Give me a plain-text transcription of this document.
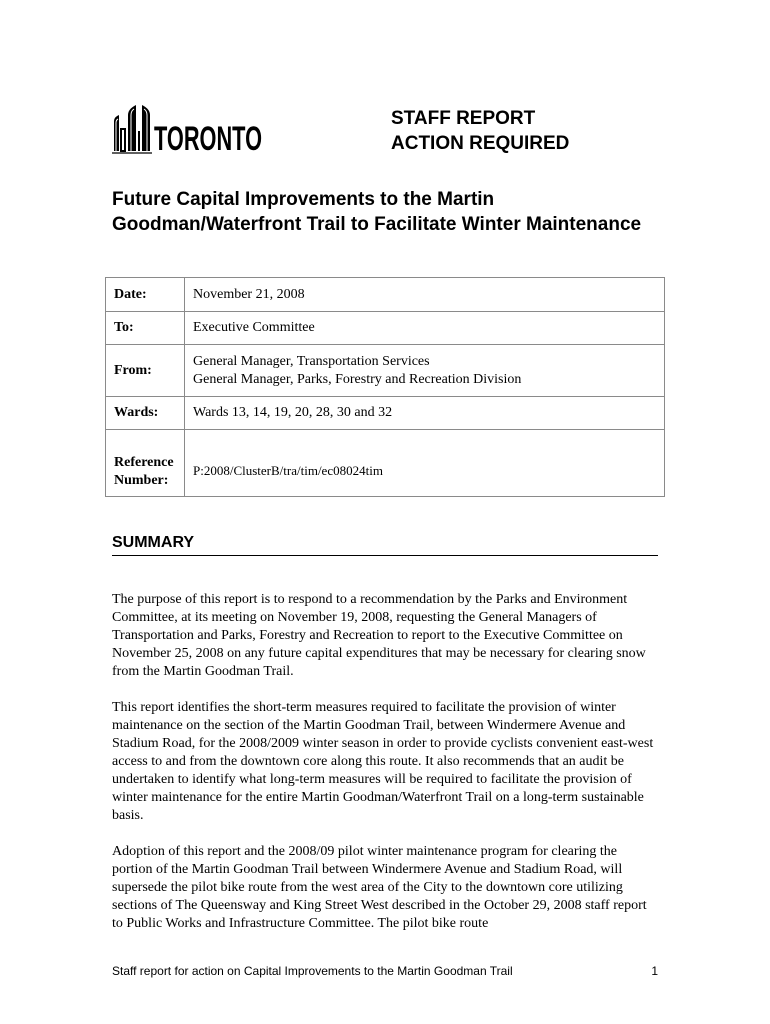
TORONTO
STAFF REPORT
ACTION REQUIRED
Future Capital Improvements to the Martin Goodman/Waterfront Trail to Facilitate Winter Maintenance
Date:	November 21, 2008
To:	Executive Committee
From:	General Manager, Transportation Services
General Manager, Parks, Forestry and Recreation Division

Wards:	Wards 13, 14, 19, 20, 28, 30 and 32

Reference
Number:	P:2008/ClusterB/tra/tim/ec08024tim
SUMMARY

The purpose of this report is to respond to a recommendation by the Parks and Environment Committee, at its meeting on November 19, 2008, requesting the General Managers of Transportation and Parks, Forestry and Recreation to report to the Executive Committee on November 25, 2008 on any future capital expenditures that may be necessary for clearing snow from the Martin Goodman Trail.

This report identifies the short-term measures required to facilitate the provision of winter maintenance on the section of the Martin Goodman Trail, between Windermere Avenue and Stadium Road, for the 2008/2009 winter season in order to provide cyclists convenient east-west access to and from the downtown core along this route. It also recommends that an audit be undertaken to identify what long-term measures will be required to facilitate the provision of winter maintenance for the entire Martin Goodman/Waterfront Trail on a long-term sustainable basis.

Adoption of this report and the 2008/09 pilot winter maintenance program for clearing the portion of the Martin Goodman Trail between Windermere Avenue and Stadium Road, will supersede the pilot bike route from the west area of the City to the downtown core utilizing sections of The Queensway and King Street West described in the October 29, 2008 staff report to Public Works and Infrastructure Committee. The pilot bike route

Staff report for action on Capital Improvements to the Martin Goodman Trail	1
